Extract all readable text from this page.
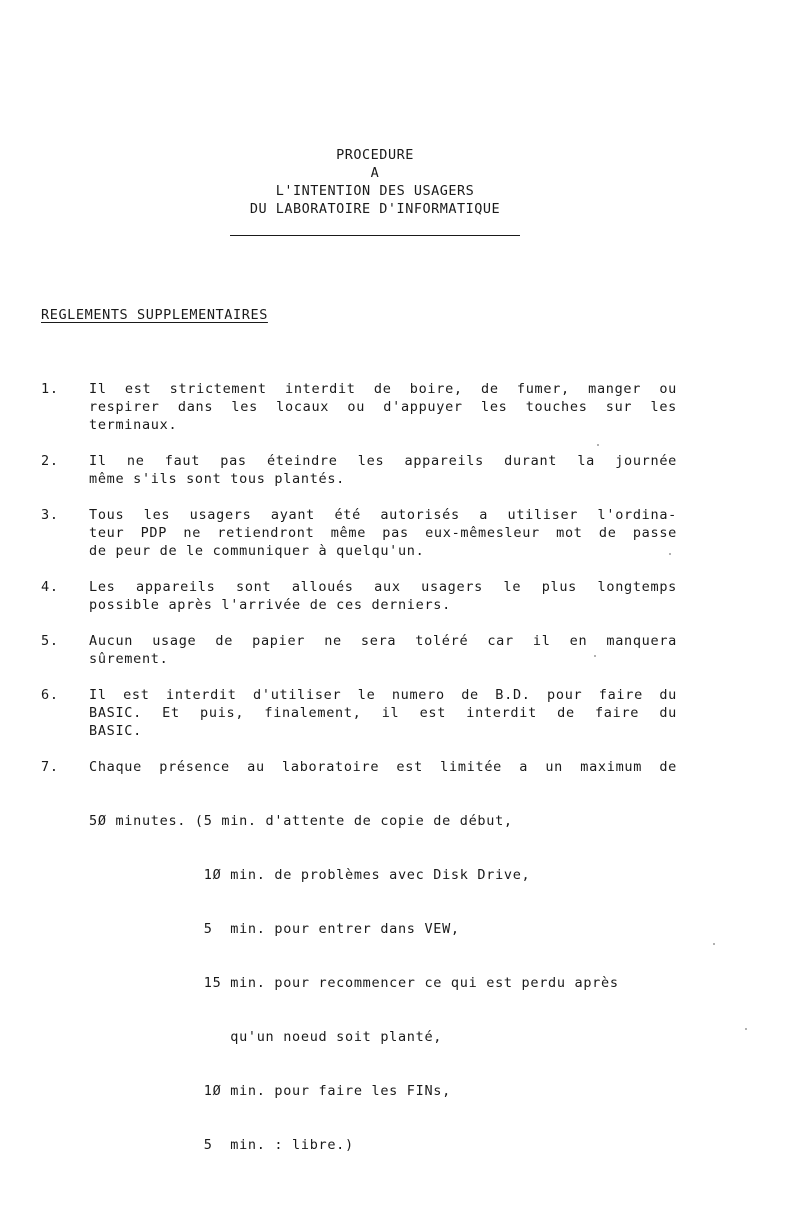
PROCEDURE
A
L'INTENTION DES USAGERS
DU LABORATOIRE D'INFORMATIQUE
REGLEMENTS SUPPLEMENTAIRES
1.	Il est strictement interdit de boire, de fumer, manger ou
respirer dans les locaux ou d'appuyer les touches sur les
terminaux.
2.	Il ne faut pas éteindre les appareils durant la journée
même s'ils sont tous plantés.
3.	Tous les usagers ayant été autorisés a utiliser l'ordina-
teur PDP ne retiendront même pas eux-mêmesleur mot de passe
de peur de le communiquer à quelqu'un.
4.	Les appareils sont alloués aux usagers le plus longtemps
possible après l'arrivée de ces derniers.
5.	Aucun usage de papier ne sera toléré car il en manquera
sûrement.
6.	Il est interdit d'utiliser le numero de B.D. pour faire du
BASIC. Et puis, finalement, il est interdit de faire du
BASIC.
7.	Chaque présence au laboratoire est limitée a un maximum de

5Ø minutes. (5 min. d'attente de copie de début,

1Ø min. de problèmes avec Disk Drive,

5  min. pour entrer dans VEW,

15 min. pour recommencer ce qui est perdu après

qu'un noeud soit planté,

1Ø min. pour faire les FINs,

5  min. : libre.)
